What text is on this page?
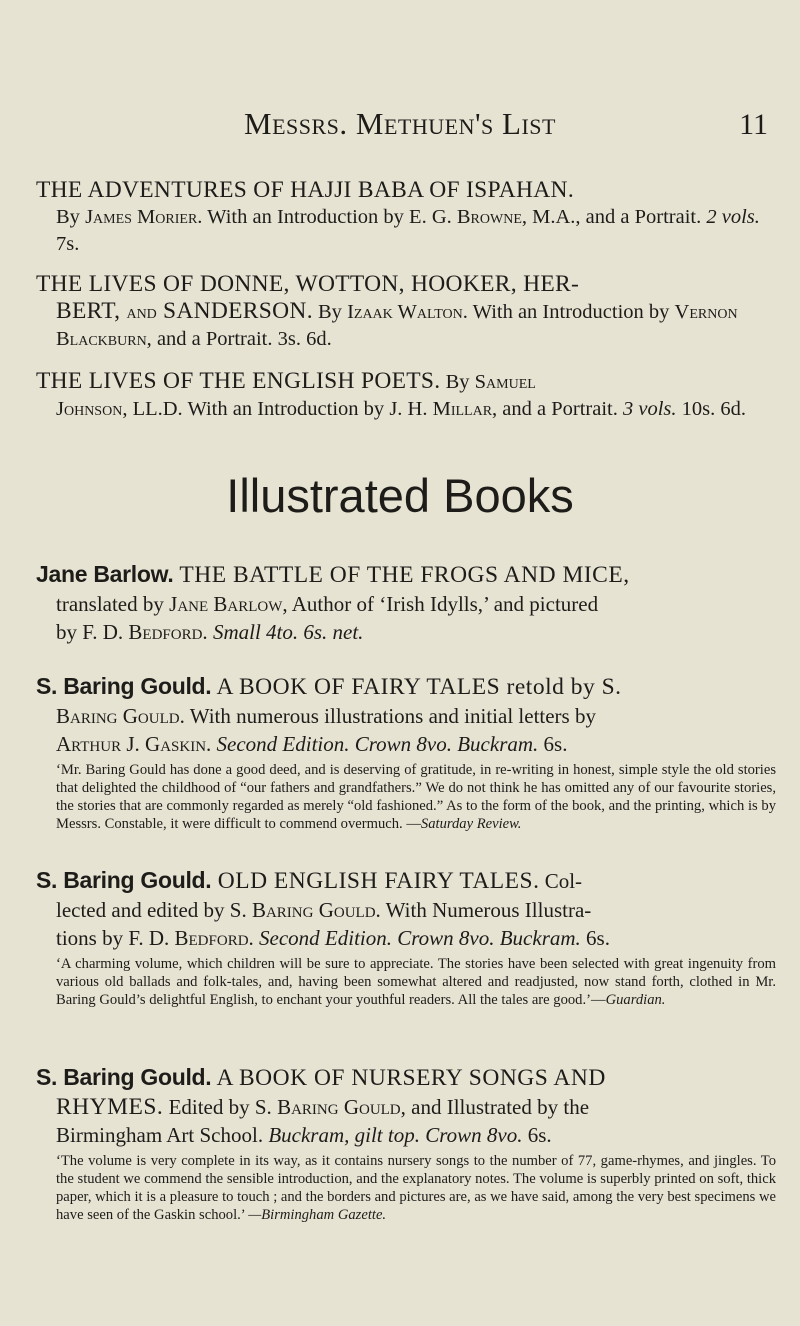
Messrs. Methuen's List	11

THE ADVENTURES OF HAJJI BABA OF ISPAHAN.

By James Morier. With an Introduction by E. G. Browne, M.A., and a Portrait. 2 vols. 7s.

THE LIVES OF DONNE, WOTTON, HOOKER, HER-

BERT, and SANDERSON. By Izaak Walton. With an Introduction by Vernon Blackburn, and a Portrait. 3s. 6d.

THE LIVES OF THE ENGLISH POETS. By Samuel

Johnson, LL.D. With an Introduction by J. H. Millar, and a Portrait. 3 vols. 10s. 6d.

Illustrated Books

Jane Barlow. THE BATTLE OF THE FROGS AND MICE,
translated by Jane Barlow, Author of ‘Irish Idylls,’ and pictured
by F. D. Bedford. Small 4to. 6s. net.

S. Baring Gould. A BOOK OF FAIRY TALES retold by S.
Baring Gould. With numerous illustrations and initial letters by
Arthur J. Gaskin. Second Edition. Crown 8vo. Buckram. 6s.

‘Mr. Baring Gould has done a good deed, and is deserving of gratitude, in re-writing in honest, simple style the old stories that delighted the childhood of “our fathers and grandfathers.” We do not think he has omitted any of our favourite stories, the stories that are commonly regarded as merely “old fashioned.” As to the form of the book, and the printing, which is by Messrs. Constable, it were difficult to commend overmuch. —Saturday Review.

S. Baring Gould. OLD ENGLISH FAIRY TALES. Col-
lected and edited by S. Baring Gould. With Numerous Illustra-
tions by F. D. Bedford. Second Edition. Crown 8vo. Buckram. 6s.

‘A charming volume, which children will be sure to appreciate. The stories have been selected with great ingenuity from various old ballads and folk-tales, and, having been somewhat altered and readjusted, now stand forth, clothed in Mr. Baring Gould’s delightful English, to enchant your youthful readers. All the tales are good.’—Guardian.

S. Baring Gould. A BOOK OF NURSERY SONGS AND
RHYMES. Edited by S. Baring Gould, and Illustrated by the
Birmingham Art School. Buckram, gilt top. Crown 8vo. 6s.

‘The volume is very complete in its way, as it contains nursery songs to the number of 77, game-rhymes, and jingles. To the student we commend the sensible introduction, and the explanatory notes. The volume is superbly printed on soft, thick paper, which it is a pleasure to touch ; and the borders and pictures are, as we have said, among the very best specimens we have seen of the Gaskin school.’ —Birmingham Gazette.
